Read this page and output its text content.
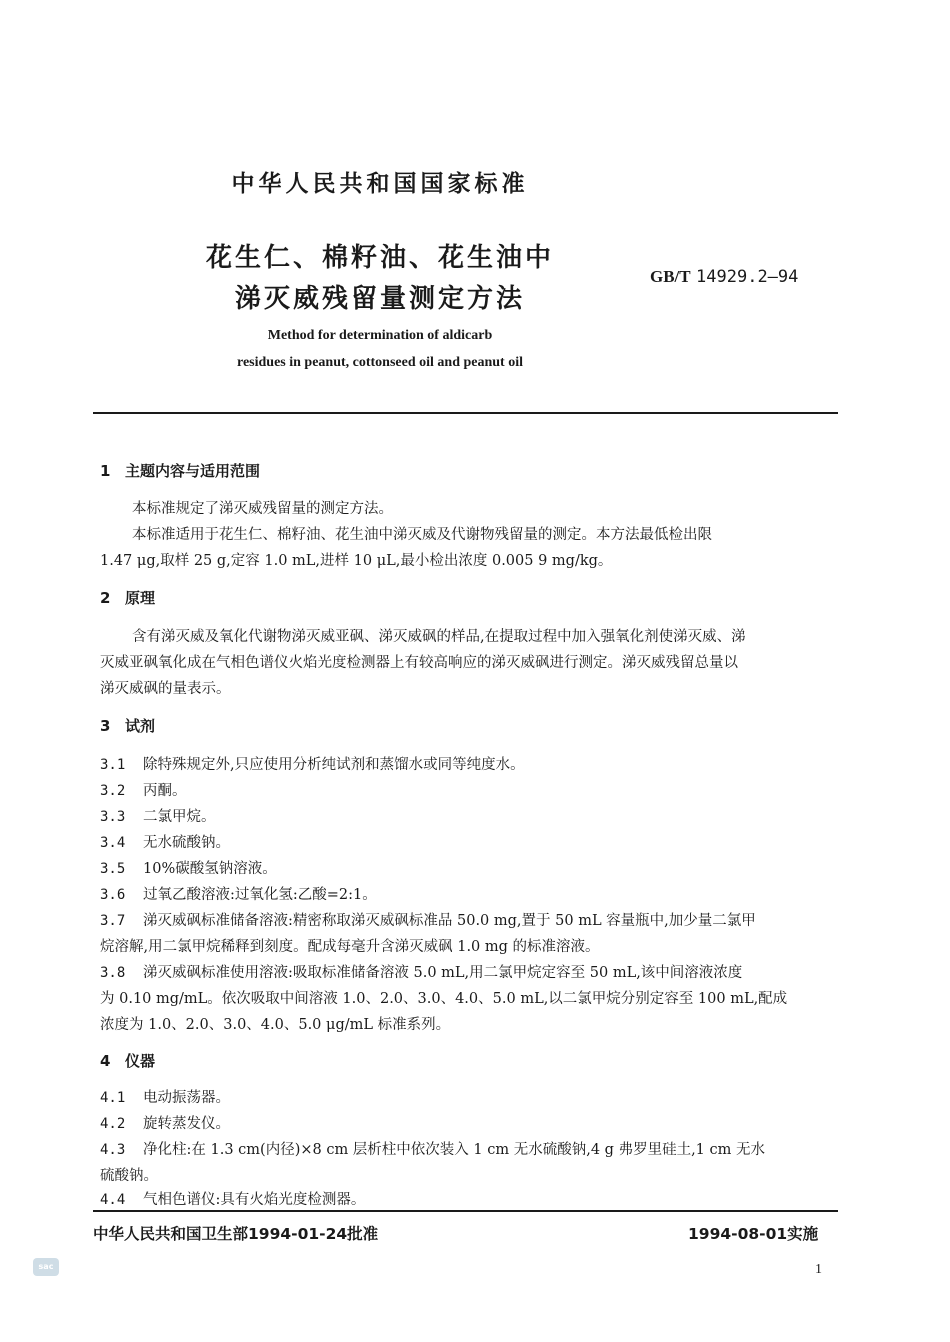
中华人民共和国国家标准
花生仁、棉籽油、花生油中
涕灭威残留量测定方法
GB/T 14929.2—94
Method for determination of aldicarb
residues in peanut, cottonseed oil and peanut oil
1 主题内容与适用范围
本标准规定了涕灭威残留量的测定方法。
本标准适用于花生仁、棉籽油、花生油中涕灭威及代谢物残留量的测定。本方法最低检出限
1.47 μg,取样 25 g,定容 1.0 mL,进样 10 μL,最小检出浓度 0.005 9 mg/kg。
2 原理
含有涕灭威及氧化代谢物涕灭威亚砜、涕灭威砜的样品,在提取过程中加入强氧化剂使涕灭威、涕
灭威亚砜氧化成在气相色谱仪火焰光度检测器上有较高响应的涕灭威砜进行测定。涕灭威残留总量以
涕灭威砜的量表示。
3 试剂
3.1 除特殊规定外,只应使用分析纯试剂和蒸馏水或同等纯度水。
3.2 丙酮。
3.3 二氯甲烷。
3.4 无水硫酸钠。
3.5 10%碳酸氢钠溶液。
3.6 过氧乙酸溶液:过氧化氢:乙酸=2:1。
3.7 涕灭威砜标准储备溶液:精密称取涕灭威砜标准品 50.0 mg,置于 50 mL 容量瓶中,加少量二氯甲
烷溶解,用二氯甲烷稀释到刻度。配成每毫升含涕灭威砜 1.0 mg 的标准溶液。
3.8 涕灭威砜标准使用溶液:吸取标准储备溶液 5.0 mL,用二氯甲烷定容至 50 mL,该中间溶液浓度
为 0.10 mg/mL。依次吸取中间溶液 1.0、2.0、3.0、4.0、5.0 mL,以二氯甲烷分别定容至 100 mL,配成
浓度为 1.0、2.0、3.0、4.0、5.0 μg/mL 标准系列。
4 仪器
4.1 电动振荡器。
4.2 旋转蒸发仪。
4.3 净化柱:在 1.3 cm(内径)×8 cm 层析柱中依次装入 1 cm 无水硫酸钠,4 g 弗罗里硅土,1 cm 无水
硫酸钠。
4.4 气相色谱仪:具有火焰光度检测器。
中华人民共和国卫生部1994-01-24批准	1994-08-01实施
1
sac
